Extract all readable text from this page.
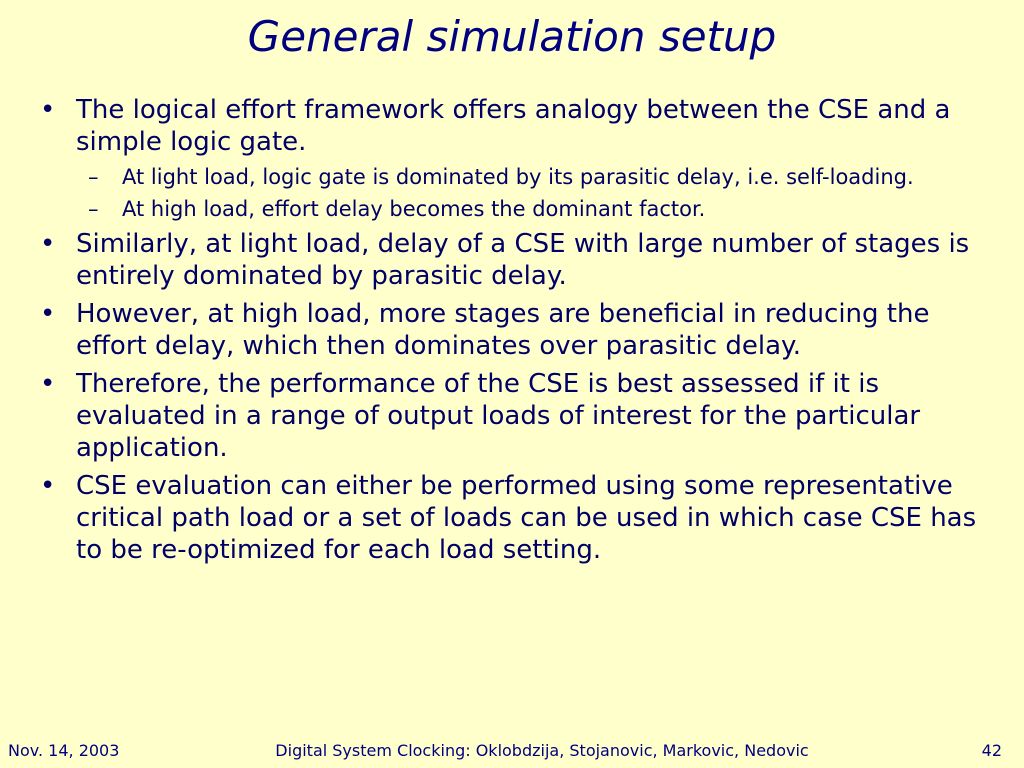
General simulation setup
• The logical effort framework offers analogy between the CSE and a simple logic gate.
– At light load, logic gate is dominated by its parasitic delay, i.e. self-loading.
– At high load, effort delay becomes the dominant factor.
• Similarly, at light load, delay of a CSE with large number of stages is entirely dominated by parasitic delay.
• However, at high load, more stages are beneficial in reducing the effort delay, which then dominates over parasitic delay.
• Therefore, the performance of the CSE is best assessed if it is evaluated in a range of output loads of interest for the particular application.
• CSE evaluation can either be performed using some representative critical path load or a set of loads can be used in which case CSE has to be re-optimized for each load setting.
Nov. 14, 2003	Digital System Clocking: Oklobdzija, Stojanovic, Markovic, Nedovic	42
